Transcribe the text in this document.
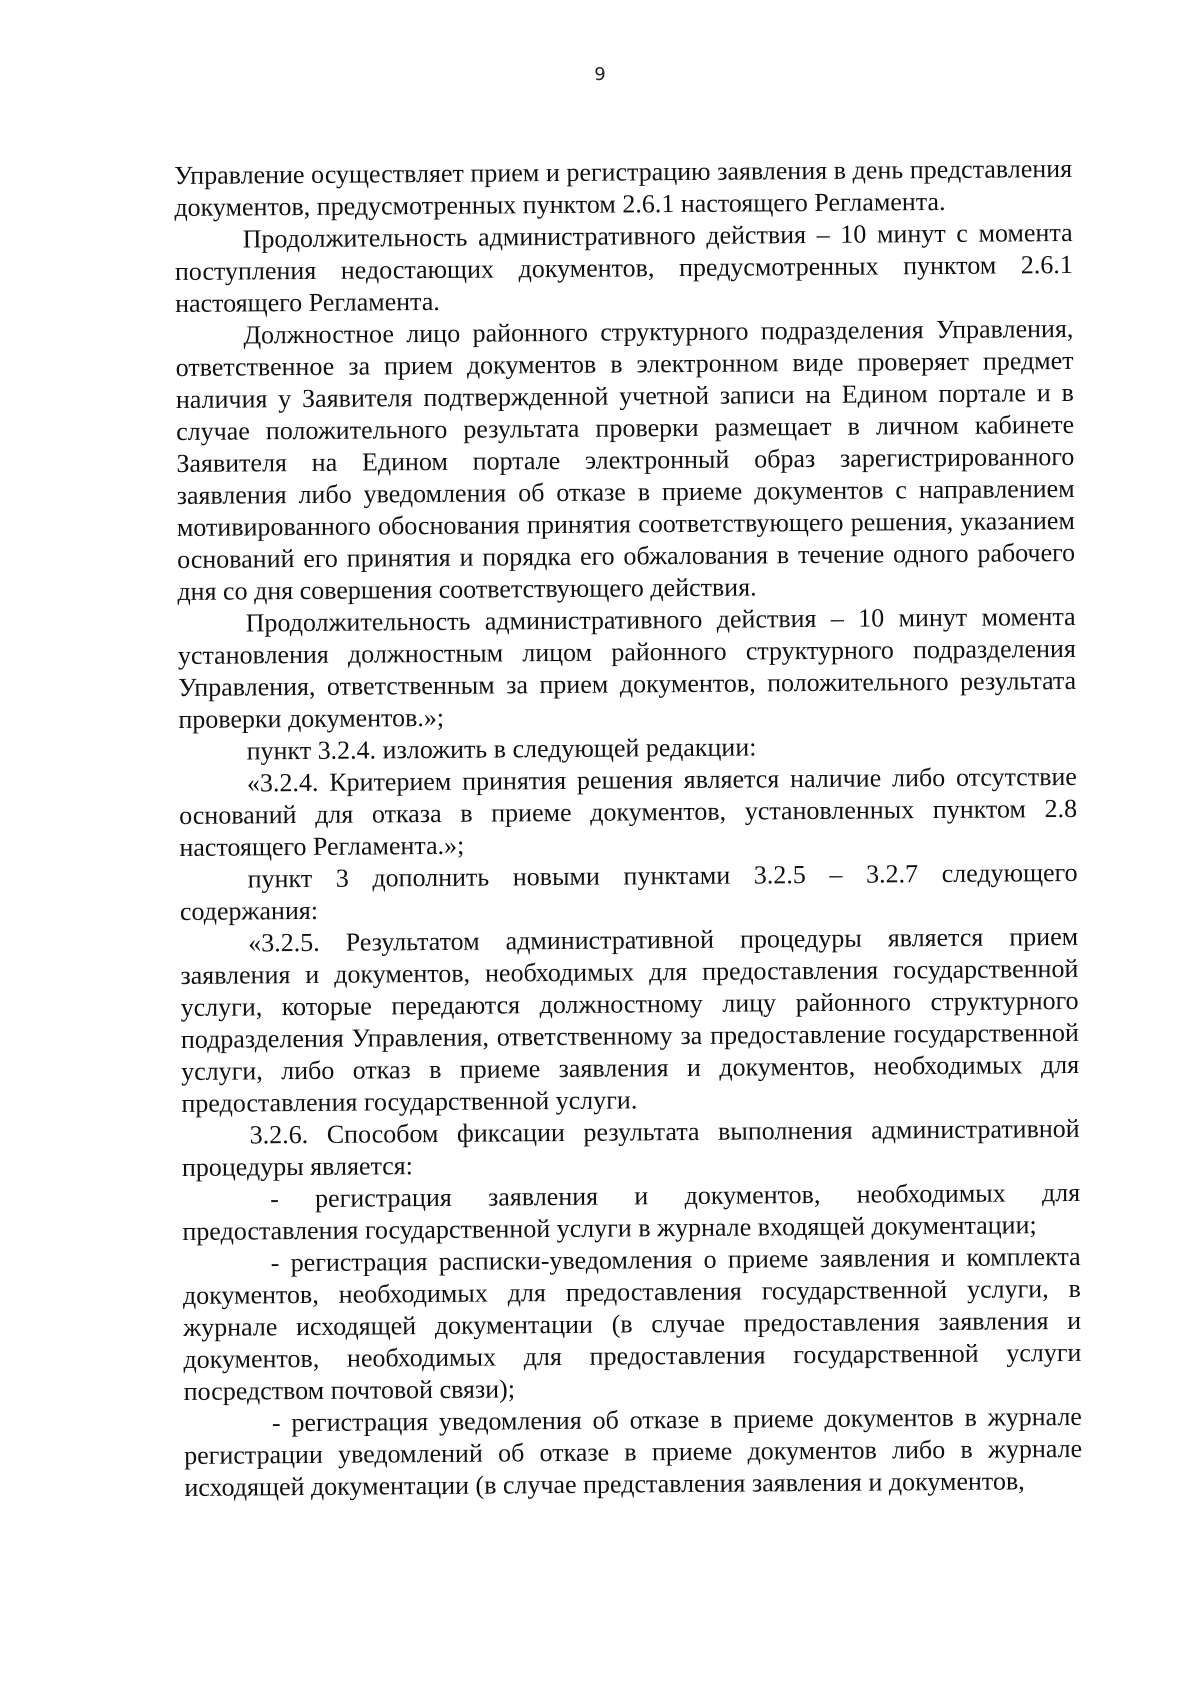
9

Управление осуществляет прием и регистрацию заявления в день представления документов, предусмотренных пунктом 2.6.1 настоящего Регламента.

Продолжительность административного действия – 10 минут с момента поступления недостающих документов, предусмотренных пунктом 2.6.1 настоящего Регламента.

Должностное лицо районного структурного подразделения Управления, ответственное за прием документов в электронном виде проверяет предмет наличия у Заявителя подтвержденной учетной записи на Едином портале и в случае положительного результата проверки размещает в личном кабинете Заявителя на Едином портале электронный образ зарегистрированного заявления либо уведомления об отказе в приеме документов с направлением мотивированного обоснования принятия соответствующего решения, указанием оснований его принятия и порядка его обжалования в течение одного рабочего дня со дня совершения соответствующего действия.

Продолжительность административного действия – 10 минут момента установления должностным лицом районного структурного подразделения Управления, ответственным за прием документов, положительного результата проверки документов.»;

пункт 3.2.4. изложить в следующей редакции:

«3.2.4. Критерием принятия решения является наличие либо отсутствие оснований для отказа в приеме документов, установленных пунктом 2.8 настоящего Регламента.»;

пункт 3 дополнить новыми пунктами 3.2.5 – 3.2.7 следующего содержания:

«3.2.5. Результатом административной процедуры является прием заявления и документов, необходимых для предоставления государственной услуги, которые передаются должностному лицу районного структурного подразделения Управления, ответственному за предоставление государственной услуги, либо отказ в приеме заявления и документов, необходимых для предоставления государственной услуги.

3.2.6. Способом фиксации результата выполнения административной процедуры является:

- регистрация заявления и документов, необходимых для предоставления государственной услуги в журнале входящей документации;

- регистрация расписки-уведомления о приеме заявления и комплекта документов, необходимых для предоставления государственной услуги, в журнале исходящей документации (в случае предоставления заявления и документов, необходимых для предоставления государственной услуги посредством почтовой связи);

- регистрация уведомления об отказе в приеме документов в журнале регистрации уведомлений об отказе в приеме документов либо в журнале исходящей документации (в случае представления заявления и документов,
